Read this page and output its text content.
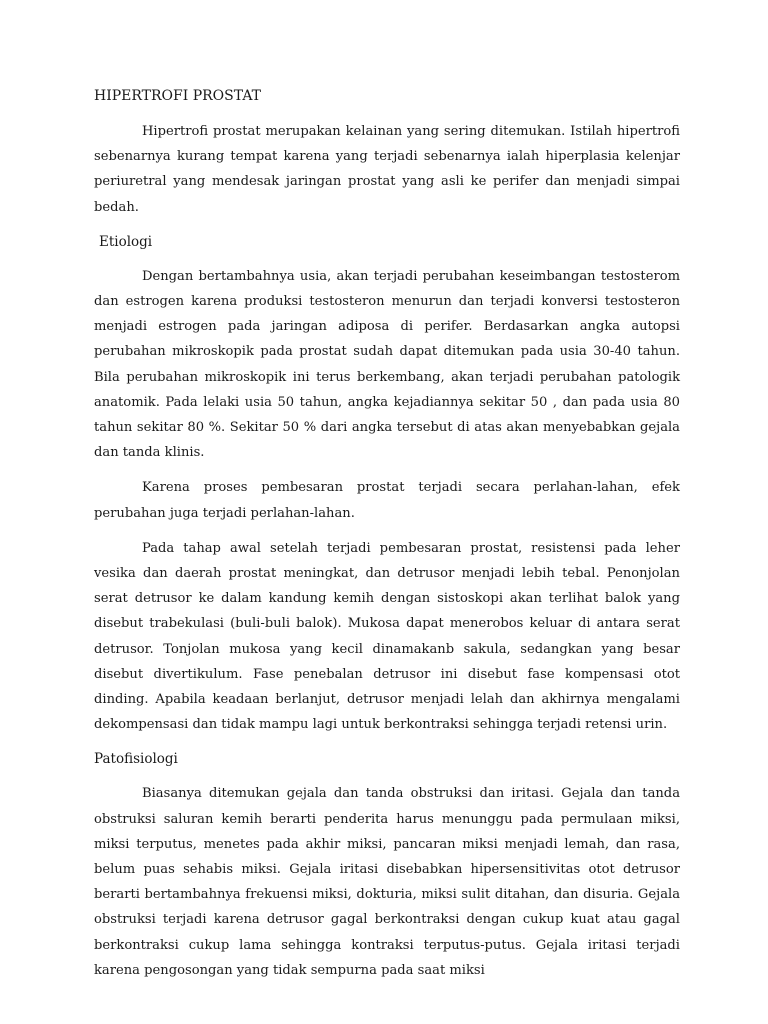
HIPERTROFI PROSTAT

Hipertrofi prostat merupakan kelainan yang sering ditemukan. Istilah hipertrofi sebenarnya kurang tempat karena yang terjadi sebenarnya ialah hiperplasia kelenjar periuretral yang mendesak jaringan prostat yang asli ke perifer dan menjadi simpai bedah.

Etiologi

Dengan bertambahnya usia, akan terjadi perubahan keseimbangan testosterom dan estrogen karena produksi testosteron menurun dan terjadi konversi testosteron menjadi estrogen pada jaringan adiposa di perifer. Berdasarkan angka autopsi perubahan mikroskopik pada prostat sudah dapat ditemukan pada usia 30-40 tahun. Bila perubahan mikroskopik ini terus berkembang, akan terjadi perubahan patologik anatomik. Pada lelaki usia 50 tahun, angka kejadiannya sekitar 50 , dan pada usia 80 tahun sekitar 80 %. Sekitar 50 % dari angka tersebut di atas akan menyebabkan gejala dan tanda klinis.

Karena proses pembesaran prostat terjadi secara perlahan-lahan, efek perubahan juga terjadi perlahan-lahan.

Pada tahap awal setelah terjadi pembesaran prostat, resistensi pada leher vesika dan daerah prostat meningkat, dan detrusor menjadi lebih tebal. Penonjolan serat detrusor ke dalam kandung kemih dengan sistoskopi akan terlihat balok yang disebut trabekulasi (buli-buli balok). Mukosa dapat menerobos keluar di antara serat detrusor. Tonjolan mukosa yang kecil dinamakanb sakula, sedangkan yang besar disebut divertikulum. Fase penebalan detrusor ini disebut fase kompensasi otot dinding. Apabila keadaan berlanjut, detrusor menjadi lelah dan akhirnya mengalami dekompensasi dan tidak mampu lagi untuk berkontraksi sehingga terjadi retensi urin.

Patofisiologi

Biasanya ditemukan gejala dan tanda obstruksi dan iritasi. Gejala dan tanda obstruksi saluran kemih berarti penderita harus menunggu pada permulaan miksi, miksi terputus, menetes pada akhir miksi, pancaran miksi menjadi lemah, dan rasa, belum puas sehabis miksi. Gejala iritasi disebabkan hipersensitivitas otot detrusor berarti bertambahnya frekuensi miksi, dokturia, miksi sulit ditahan, dan disuria. Gejala obstruksi terjadi karena detrusor gagal berkontraksi dengan cukup kuat atau gagal berkontraksi cukup lama sehingga kontraksi terputus-putus. Gejala iritasi terjadi karena pengosongan yang tidak sempurna pada saat miksi
